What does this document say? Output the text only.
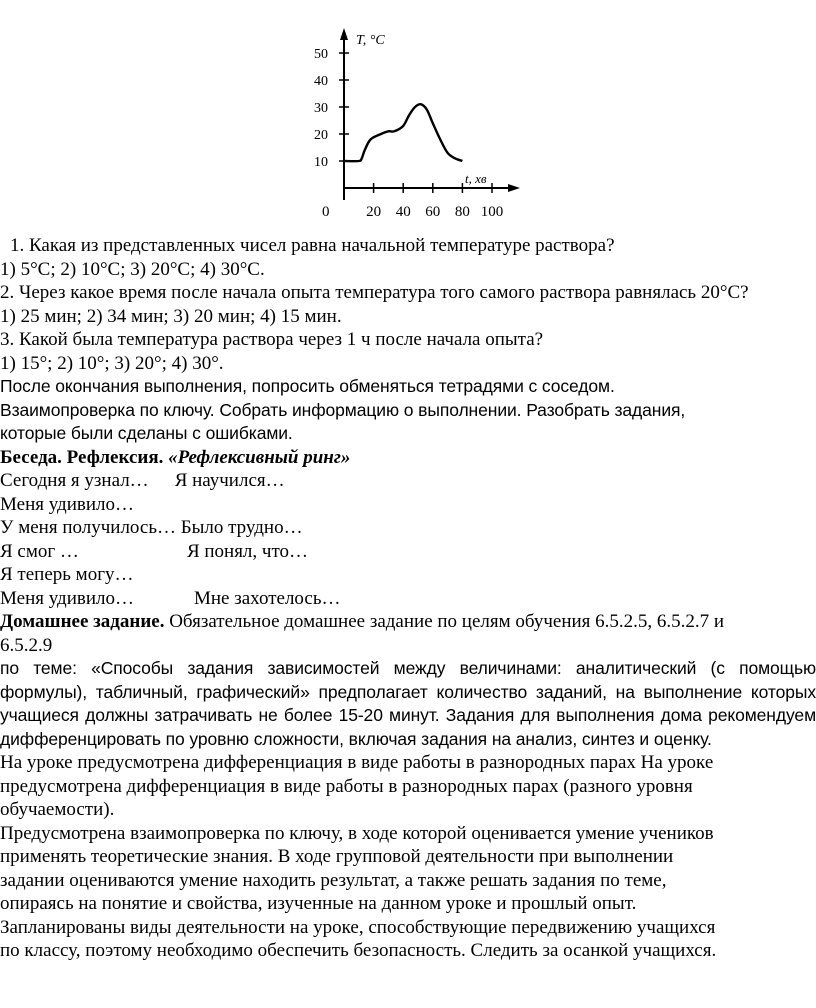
T, °C
t, хв
0
50
40
30
20
10
20 40 60 80 100
1. Какая из представленных чисел равна начальной температуре раствора?
1) 5°С; 2) 10°С; 3) 20°С; 4) 30°С.
2. Через какое время после начала опыта температура того самого раствора равнялась 20°С?
1) 25 мин; 2) 34 мин; 3) 20 мин; 4) 15 мин.
3. Какой была температура раствора через 1 ч после начала опыта?
1) 15°; 2) 10°; 3) 20°; 4) 30°.
После окончания выполнения, попросить обменяться тетрадями с соседом.
Взаимопроверка по ключу. Собрать информацию о выполнении. Разобрать задания,
которые были сделаны с ошибками.
Беседа. Рефлексия. «Рефлексивный ринг»
Сегодня я узнал… Я научился…
Меня удивило…
У меня получилось… Было трудно…
Я смог …	Я понял, что…
Я теперь могу…
Меня удивило…	Мне захотелось…
Домашнее задание. Обязательное домашнее задание по целям обучения 6.5.2.5, 6.5.2.7 и
6.5.2.9
по теме: «Способы задания зависимостей между величинами: аналитический (с помощью формулы), табличный, графический» предполагает количество заданий, на выполнение которых учащиеся должны затрачивать не более 15-20 минут. Задания для выполнения дома рекомендуем дифференцировать по уровню сложности, включая задания на анализ, синтез и оценку.
На уроке предусмотрена дифференциация в виде работы в разнородных парах На уроке
предусмотрена дифференциация в виде работы в разнородных парах (разного уровня
обучаемости).
Предусмотрена взаимопроверка по ключу, в ходе которой оценивается умение учеников
применять теоретические знания. В ходе групповой деятельности при выполнении
задании оцениваются умение находить результат, а также решать задания по теме,
опираясь на понятие и свойства, изученные на данном уроке и прошлый опыт.
Запланированы виды деятельности на уроке, способствующие передвижению учащихся
по классу, поэтому необходимо обеспечить безопасность. Следить за осанкой учащихся.
